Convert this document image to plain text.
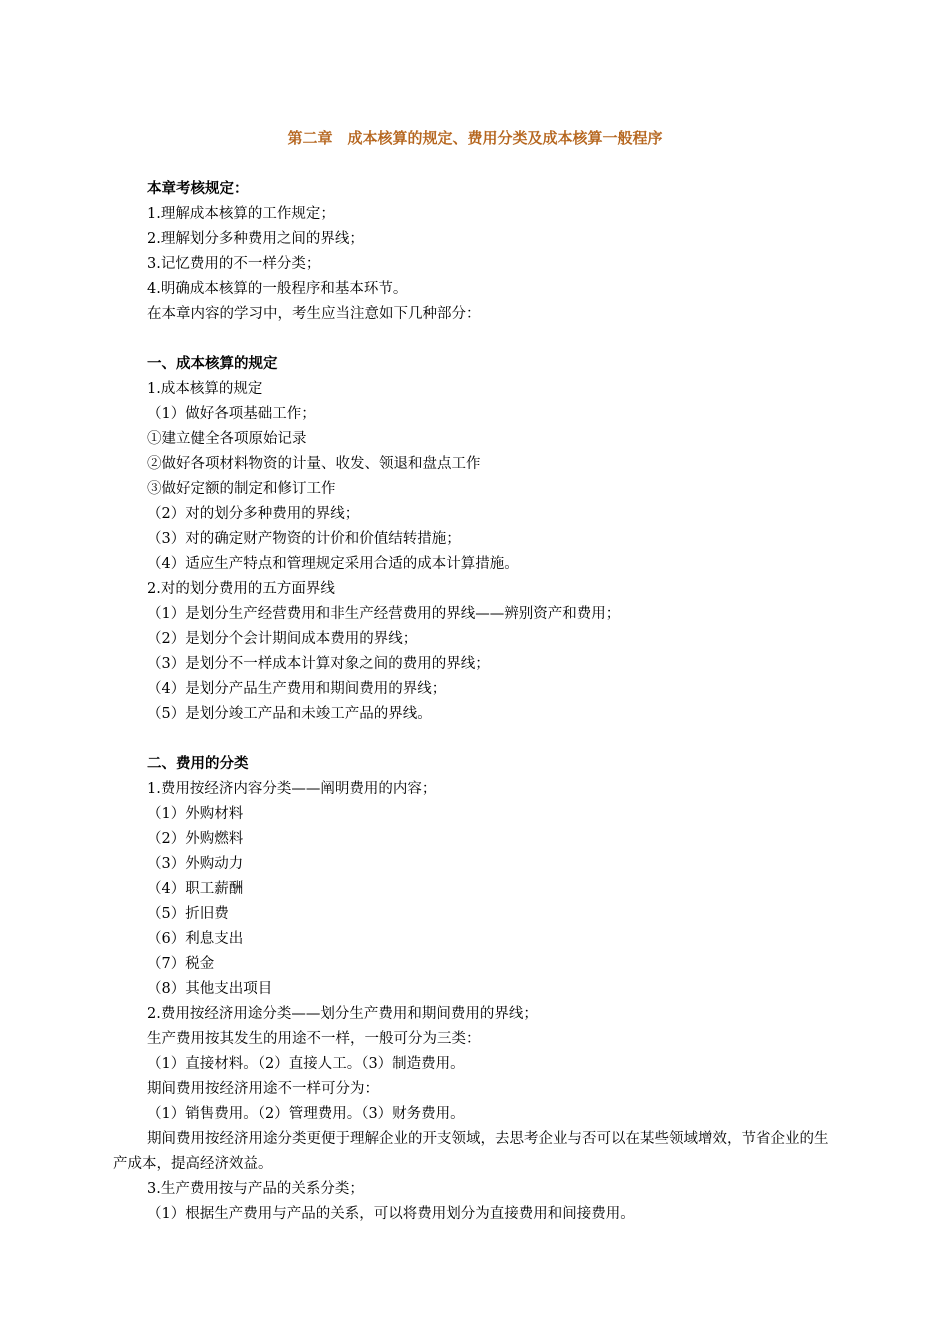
第二章　成本核算的规定、费用分类及成本核算一般程序
本章考核规定：
1.理解成本核算的工作规定；
2.理解划分多种费用之间的界线；
3.记忆费用的不一样分类；
4.明确成本核算的一般程序和基本环节。
在本章内容的学习中，考生应当注意如下几种部分：
一、成本核算的规定
1.成本核算的规定
（1）做好各项基础工作；
①建立健全各项原始记录
②做好各项材料物资的计量、收发、领退和盘点工作
③做好定额的制定和修订工作
（2）对的划分多种费用的界线；
（3）对的确定财产物资的计价和价值结转措施；
（4）适应生产特点和管理规定采用合适的成本计算措施。
2.对的划分费用的五方面界线
（1）是划分生产经营费用和非生产经营费用的界线——辨别资产和费用；
（2）是划分个会计期间成本费用的界线；
（3）是划分不一样成本计算对象之间的费用的界线；
（4）是划分产品生产费用和期间费用的界线；
（5）是划分竣工产品和未竣工产品的界线。
二、费用的分类
1.费用按经济内容分类——阐明费用的内容；
（1）外购材料
（2）外购燃料
（3）外购动力
（4）职工薪酬
（5）折旧费
（6）利息支出
（7）税金
（8）其他支出项目
2.费用按经济用途分类——划分生产费用和期间费用的界线；
生产费用按其发生的用途不一样，一般可分为三类：
（1）直接材料。（2）直接人工。（3）制造费用。
期间费用按经济用途不一样可分为：
（1）销售费用。（2）管理费用。（3）财务费用。
期间费用按经济用途分类更便于理解企业的开支领域，去思考企业与否可以在某些领域增效，节省企业的生产成本，提高经济效益。
3.生产费用按与产品的关系分类；
（1）根据生产费用与产品的关系，可以将费用划分为直接费用和间接费用。
